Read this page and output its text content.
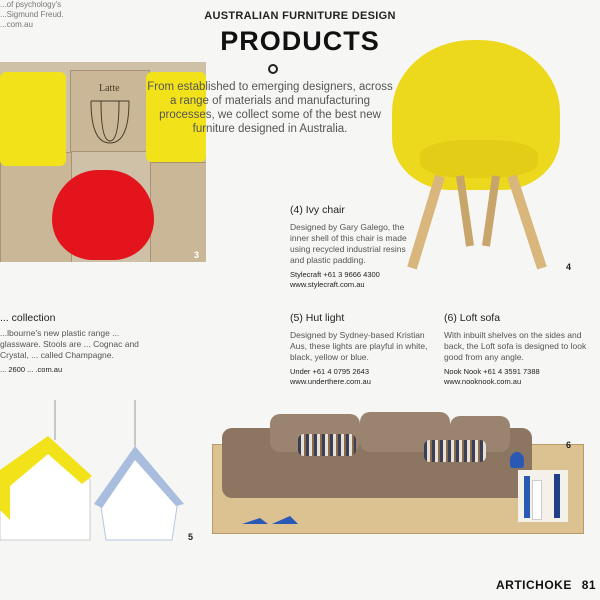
...of psychology's
...Sigmund Freud.
...com.au
AUSTRALIAN FURNITURE DESIGN
PRODUCTS
Latte
3
From established to emerging designers, across a range of materials and manufacturing processes, we collect some of the best new furniture designed in Australia.
4
(4) Ivy chair
Designed by Gary Galego, the inner shell of this chair is made using recycled industrial resins and plastic padding.
Stylecraft +61 3 9666 4300
www.stylecraft.com.au
... collection
...lbourne's new plastic range ... glassware. Stools are ... Cognac and Crystal, ... called Champagne.
... 2600 ... .com.au
(5) Hut light
Designed by Sydney-based Kristian Aus, these lights are playful in white, black, yellow or blue.
Under +61 4 0795 2643
www.underthere.com.au
(6) Loft sofa
With inbuilt shelves on the sides and back, the Loft sofa is designed to look good from any angle.
Nook Nook +61 4 3591 7388
www.nooknook.com.au
5
6
ARTICHOKE 81
